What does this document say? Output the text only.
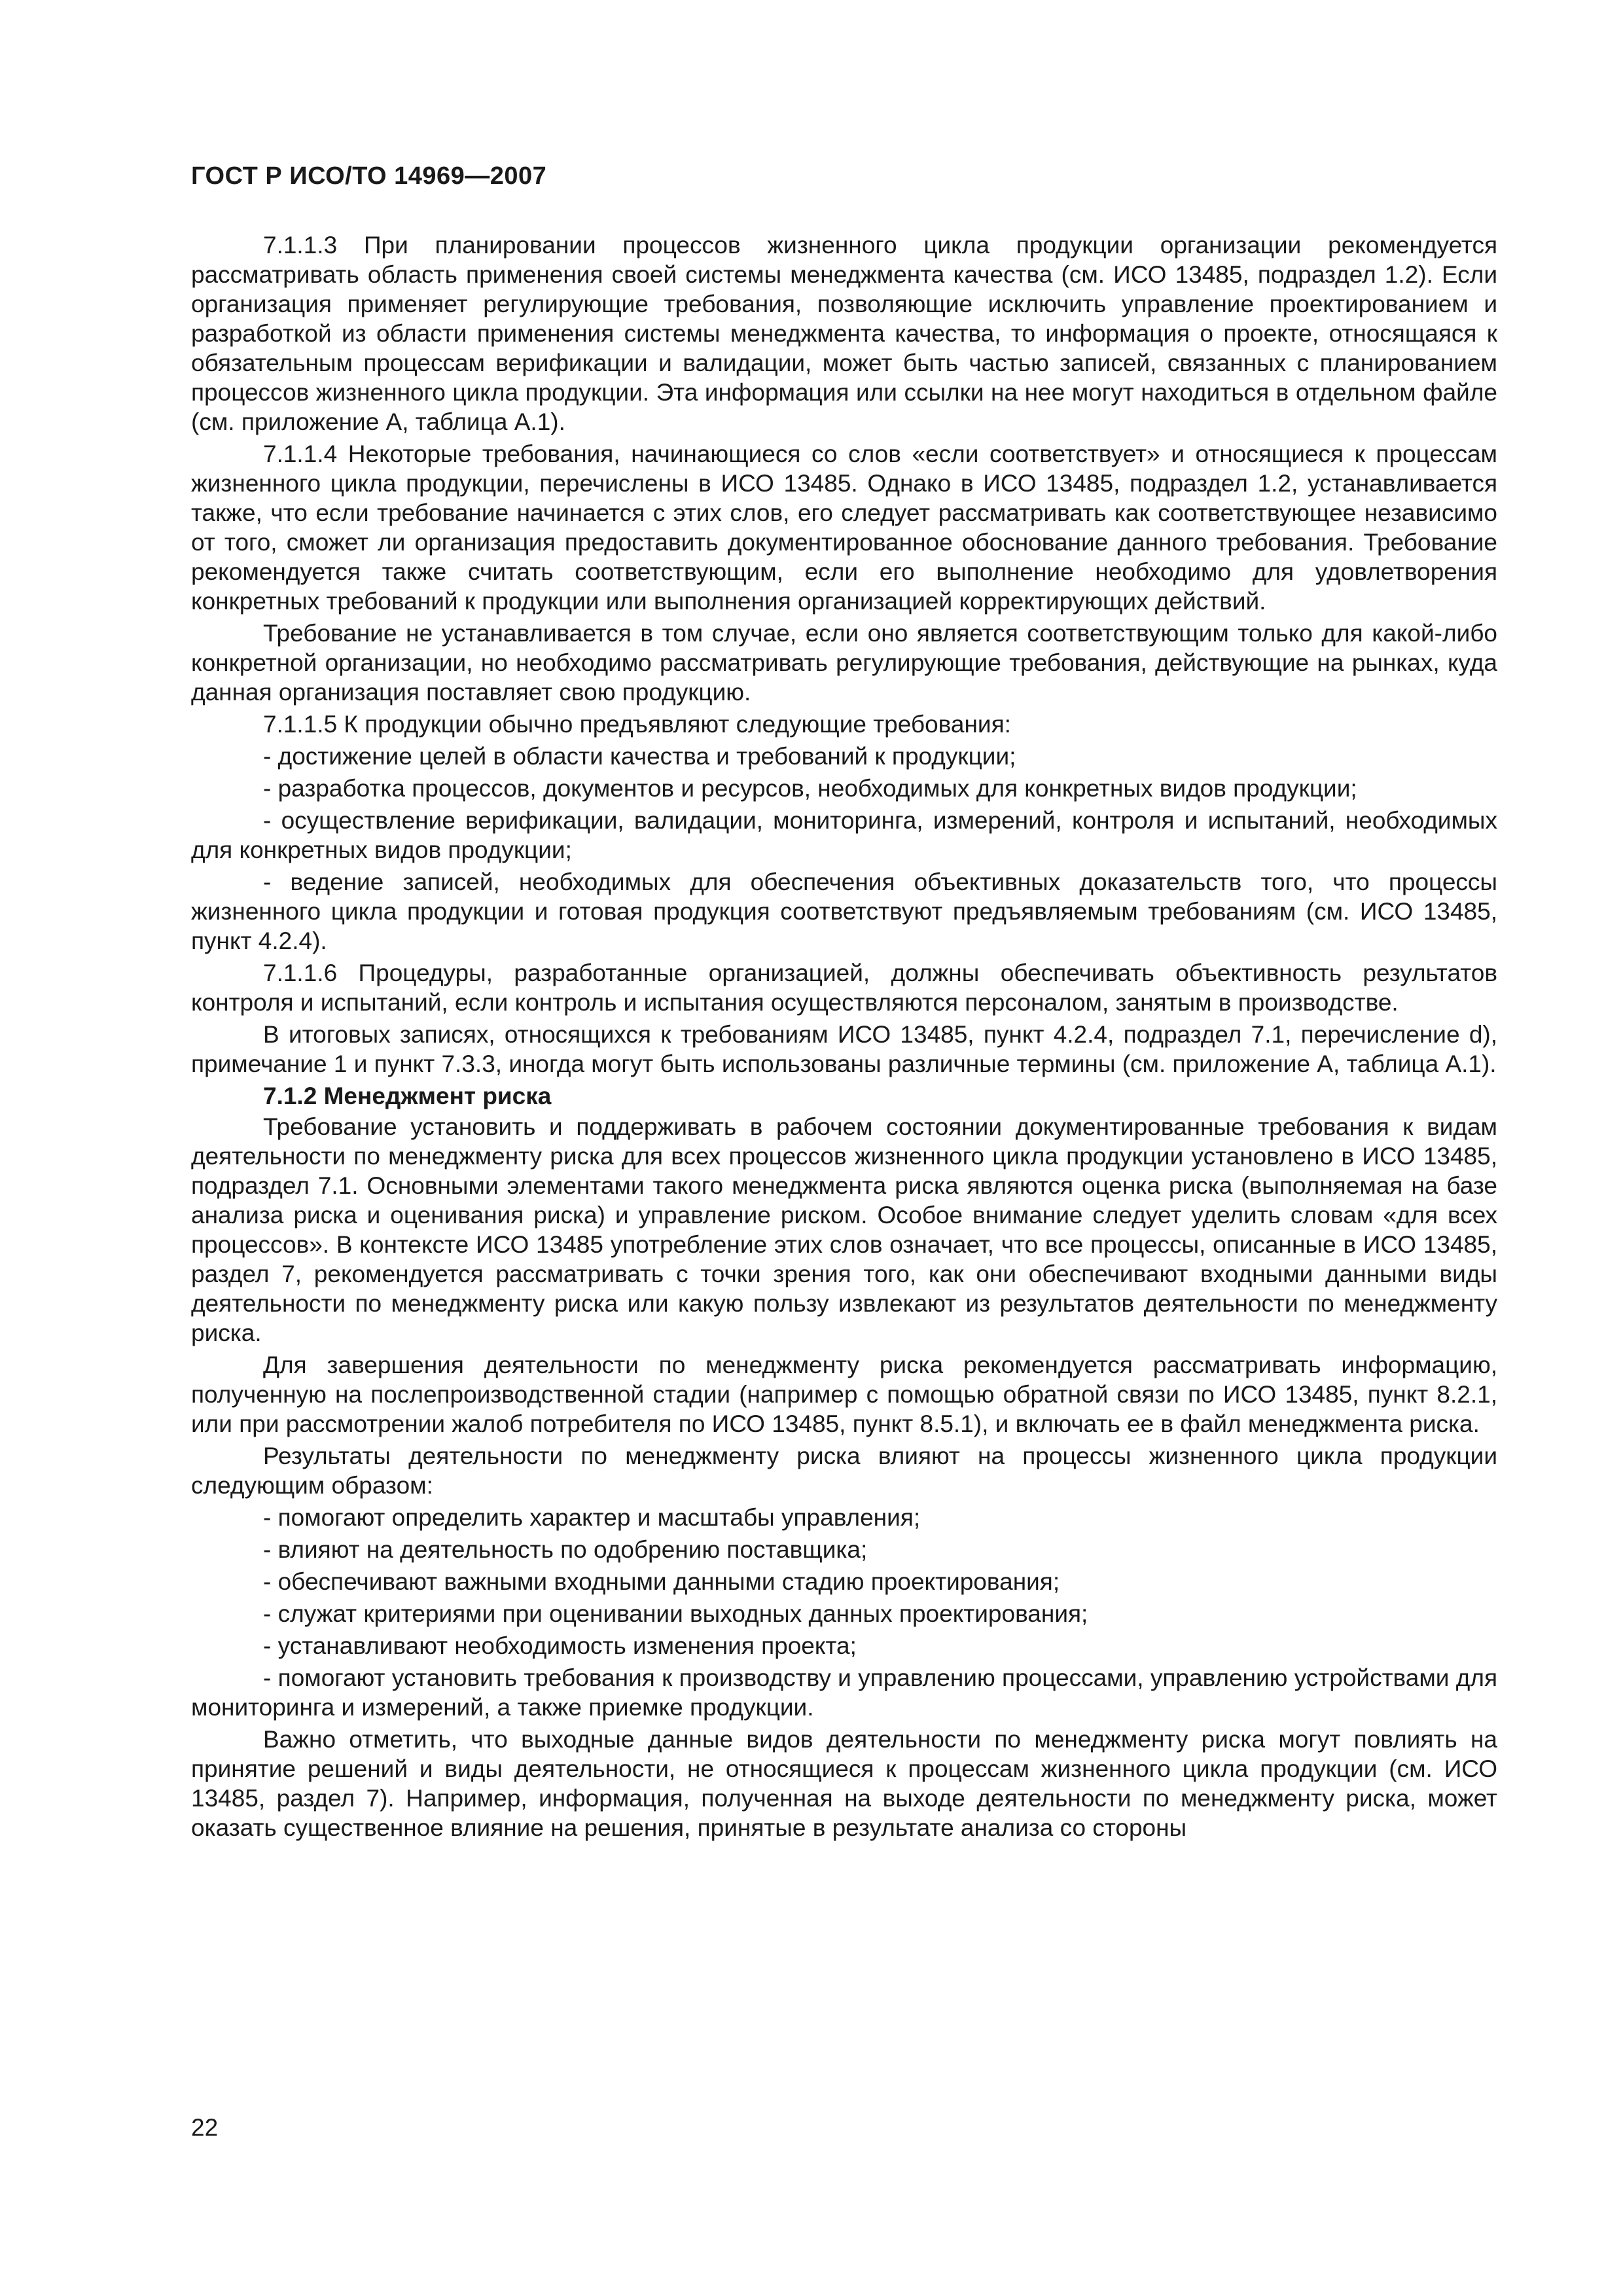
ГОСТ Р ИСО/ТО 14969—2007

7.1.1.3 При планировании процессов жизненного цикла продукции организации рекомендуется рассматривать область применения своей системы менеджмента качества (см. ИСО 13485, подраздел 1.2). Если организация применяет регулирующие требования, позволяющие исключить управление проектированием и разработкой из области применения системы менеджмента качества, то информация о проекте, относящаяся к обязательным процессам верификации и валидации, может быть частью записей, связанных с планированием процессов жизненного цикла продукции. Эта информация или ссылки на нее могут находиться в отдельном файле (см. приложение А, таблица А.1).

7.1.1.4 Некоторые требования, начинающиеся со слов «если соответствует» и относящиеся к процессам жизненного цикла продукции, перечислены в ИСО 13485. Однако в ИСО 13485, подраздел 1.2, устанавливается также, что если требование начинается с этих слов, его следует рассматривать как соответствующее независимо от того, сможет ли организация предоставить документированное обоснование данного требования. Требование рекомендуется также считать соответствующим, если его выполнение необходимо для удовлетворения конкретных требований к продукции или выполнения организацией корректирующих действий.

Требование не устанавливается в том случае, если оно является соответствующим только для какой-либо конкретной организации, но необходимо рассматривать регулирующие требования, действующие на рынках, куда данная организация поставляет свою продукцию.

7.1.1.5 К продукции обычно предъявляют следующие требования:

- достижение целей в области качества и требований к продукции;

- разработка процессов, документов и ресурсов, необходимых для конкретных видов продукции;

- осуществление верификации, валидации, мониторинга, измерений, контроля и испытаний, необходимых для конкретных видов продукции;

- ведение записей, необходимых для обеспечения объективных доказательств того, что процессы жизненного цикла продукции и готовая продукция соответствуют предъявляемым требованиям (см. ИСО 13485, пункт 4.2.4).

7.1.1.6 Процедуры, разработанные организацией, должны обеспечивать объективность результатов контроля и испытаний, если контроль и испытания осуществляются персоналом, занятым в производстве.

В итоговых записях, относящихся к требованиям ИСО 13485, пункт 4.2.4, подраздел 7.1, перечисление d), примечание 1 и пункт 7.3.3, иногда могут быть использованы различные термины (см. приложение А, таблица А.1).

7.1.2 Менеджмент риска

Требование установить и поддерживать в рабочем состоянии документированные требования к видам деятельности по менеджменту риска для всех процессов жизненного цикла продукции установлено в ИСО 13485, подраздел 7.1. Основными элементами такого менеджмента риска являются оценка риска (выполняемая на базе анализа риска и оценивания риска) и управление риском. Особое внимание следует уделить словам «для всех процессов». В контексте ИСО 13485 употребление этих слов означает, что все процессы, описанные в ИСО 13485, раздел 7, рекомендуется рассматривать с точки зрения того, как они обеспечивают входными данными виды деятельности по менеджменту риска или какую пользу извлекают из результатов деятельности по менеджменту риска.

Для завершения деятельности по менеджменту риска рекомендуется рассматривать информацию, полученную на послепроизводственной стадии (например с помощью обратной связи по ИСО 13485, пункт 8.2.1, или при рассмотрении жалоб потребителя по ИСО 13485, пункт 8.5.1), и включать ее в файл менеджмента риска.

Результаты деятельности по менеджменту риска влияют на процессы жизненного цикла продукции следующим образом:

- помогают определить характер и масштабы управления;

- влияют на деятельность по одобрению поставщика;

- обеспечивают важными входными данными стадию проектирования;

- служат критериями при оценивании выходных данных проектирования;

- устанавливают необходимость изменения проекта;

- помогают установить требования к производству и управлению процессами, управлению устройствами для мониторинга и измерений, а также приемке продукции.

Важно отметить, что выходные данные видов деятельности по менеджменту риска могут повлиять на принятие решений и виды деятельности, не относящиеся к процессам жизненного цикла продукции (см. ИСО 13485, раздел 7). Например, информация, полученная на выходе деятельности по менеджменту риска, может оказать существенное влияние на решения, принятые в результате анализа со стороны

22
